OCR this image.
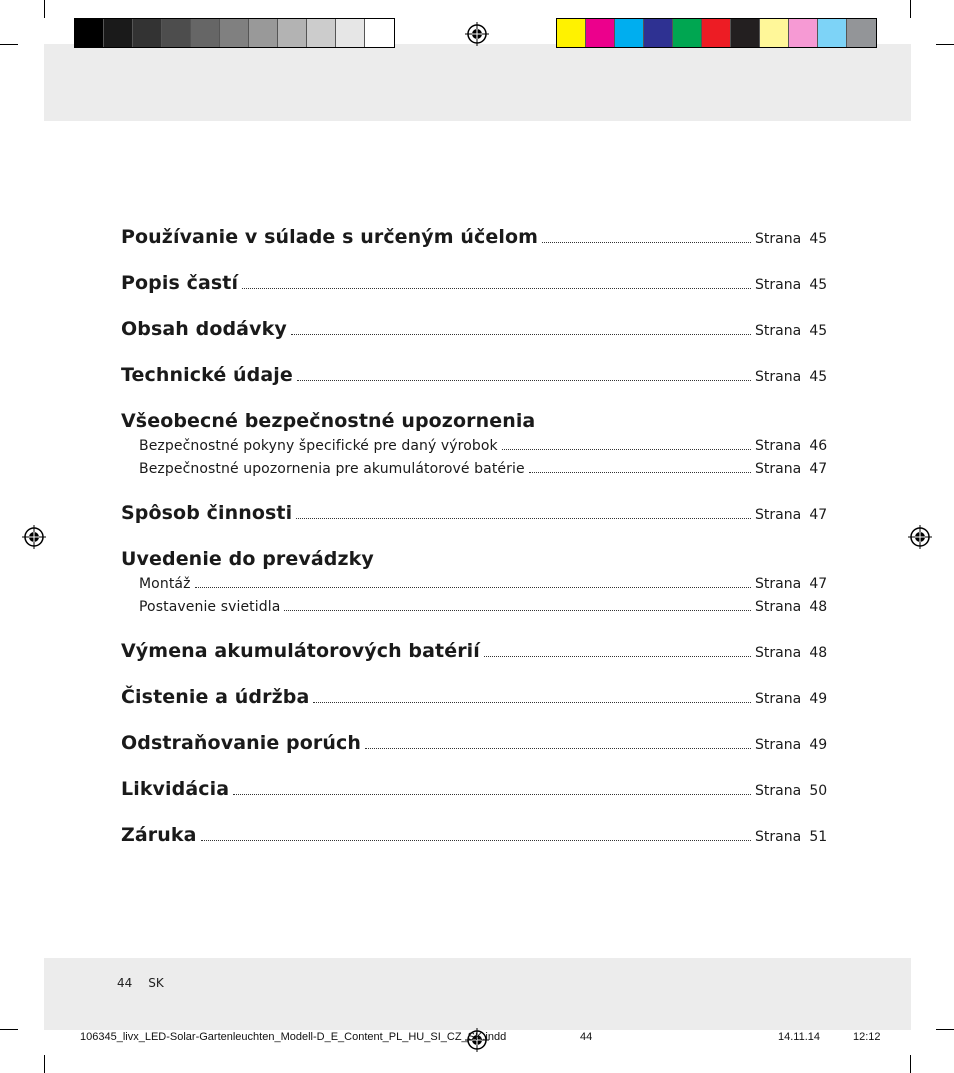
Používanie v súlade s určeným účelom	Strana 45
Popis častí	Strana 45
Obsah dodávky	Strana 45
Technické údaje	Strana 45
Všeobecné bezpečnostné upozornenia
Bezpečnostné pokyny špecifické pre daný výrobok	Strana 46
Bezpečnostné upozornenia pre akumulátorové batérie	Strana 47
Spôsob činnosti	Strana 47
Uvedenie do prevádzky
Montáž	Strana 47
Postavenie svietidla	Strana 48
Výmena akumulátorových batérií	Strana 48
Čistenie a údržba	Strana 49
Odstraňovanie porúch	Strana 49
Likvidácia	Strana 50
Záruka	Strana 51
44 SK
106345_livx_LED-Solar-Gartenleuchten_Modell-D_E_Content_PL_HU_SI_CZ_SK.indd	44	14.11.14	12:12
